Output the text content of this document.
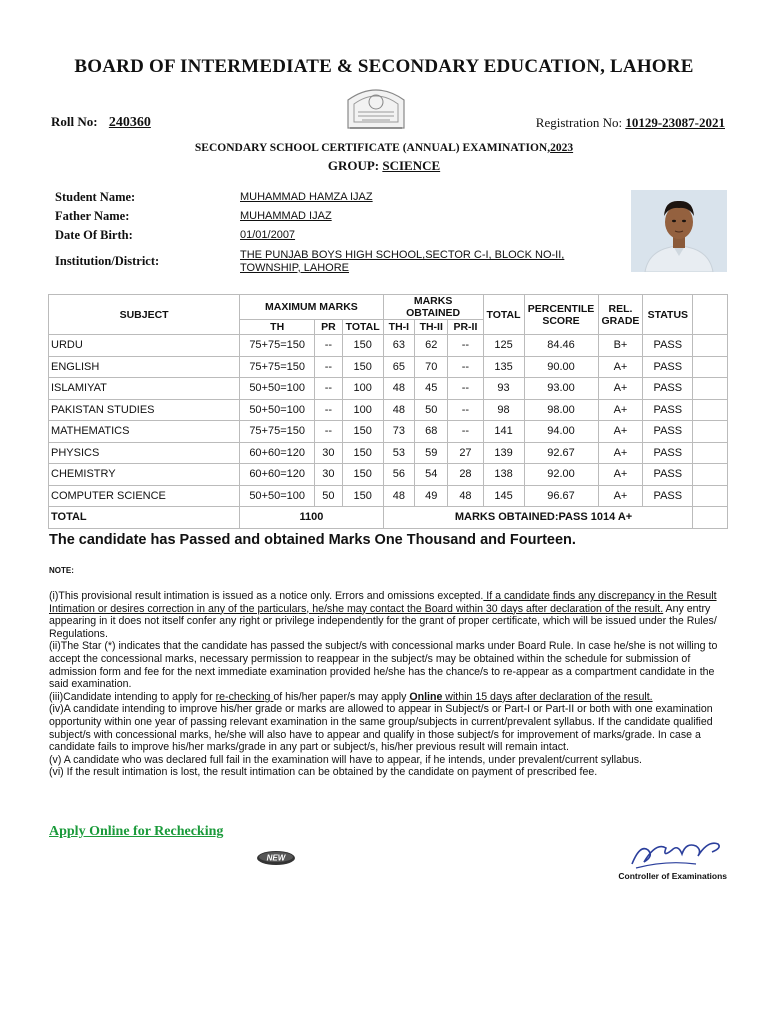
BOARD OF INTERMEDIATE & SECONDARY EDUCATION, LAHORE
Roll No: 240360	Registration No: 10129-23087-2021
SECONDARY SCHOOL CERTIFICATE (ANNUAL) EXAMINATION,2023
GROUP: SCIENCE
Student Name:	MUHAMMAD HAMZA IJAZ
Father Name:	MUHAMMAD IJAZ
Date Of Birth:	01/01/2007
Institution/District:	THE PUNJAB BOYS HIGH SCHOOL,SECTOR C-I, BLOCK NO-II,
TOWNSHIP, LAHORE
SUBJECT	MAXIMUM MARKS			MARKS OBTAINED			TOTAL	PERCENTILE SCORE	REL. GRADE	STATUS	
	TH	PR	TOTAL	TH-I	TH-II	PR-II					
URDU	75+75=150	--	150	63	62	--	125	84.46	B+	PASS	
ENGLISH	75+75=150	--	150	65	70	--	135	90.00	A+	PASS	
ISLAMIYAT	50+50=100	--	100	48	45	--	93	93.00	A+	PASS	
PAKISTAN STUDIES	50+50=100	--	100	48	50	--	98	98.00	A+	PASS	
MATHEMATICS	75+75=150	--	150	73	68	--	141	94.00	A+	PASS	
PHYSICS	60+60=120	30	150	53	59	27	139	92.67	A+	PASS	
CHEMISTRY	60+60=120	30	150	56	54	28	138	92.00	A+	PASS	
COMPUTER SCIENCE	50+50=100	50	150	48	49	48	145	96.67	A+	PASS	
TOTAL	1100			MARKS OBTAINED:PASS 1014 A+							
The candidate has Passed and obtained Marks One Thousand and Fourteen.
NOTE:
(i)This provisional result intimation is issued as a notice only. Errors and omissions excepted. If a candidate finds any discrepancy in the Result Intimation or desires correction in any of the particulars, he/she may contact the Board within 30 days after declaration of the result. Any entry appearing in it does not itself confer any right or privilege independently for the grant of proper certificate, which will be issued under the Rules/ Regulations.
(ii)The Star (*) indicates that the candidate has passed the subject/s with concessional marks under Board Rule. In case he/she is not willing to accept the concessional marks, necessary permission to reappear in the subject/s may be obtained within the schedule for submission of admission form and fee for the next immediate examination provided he/she has the chance/s to re-appear as a compartment candidate in the said examination.
(iii)Candidate intending to apply for re-checking of his/her paper/s may apply Online within 15 days after declaration of the result.
(iv)A candidate intending to improve his/her grade or marks are allowed to appear in Subject/s or Part-I or Part-II or both with one examination opportunity within one year of passing relevant examination in the same group/subjects in current/prevalent syllabus. If the candidate qualified subject/s with concessional marks, he/she will also have to appear and qualify in those subject/s for improvement of marks/grade. In case a candidate fails to improve his/her marks/grade in any part or subject/s, his/her previous result will remain intact.
(v) A candidate who was declared full fail in the examination will have to appear, if he intends, under prevalent/current syllabus.
(vi) If the result intimation is lost, the result intimation can be obtained by the candidate on payment of prescribed fee.
Apply Online for Rechecking
NEW
Controller of Examinations
